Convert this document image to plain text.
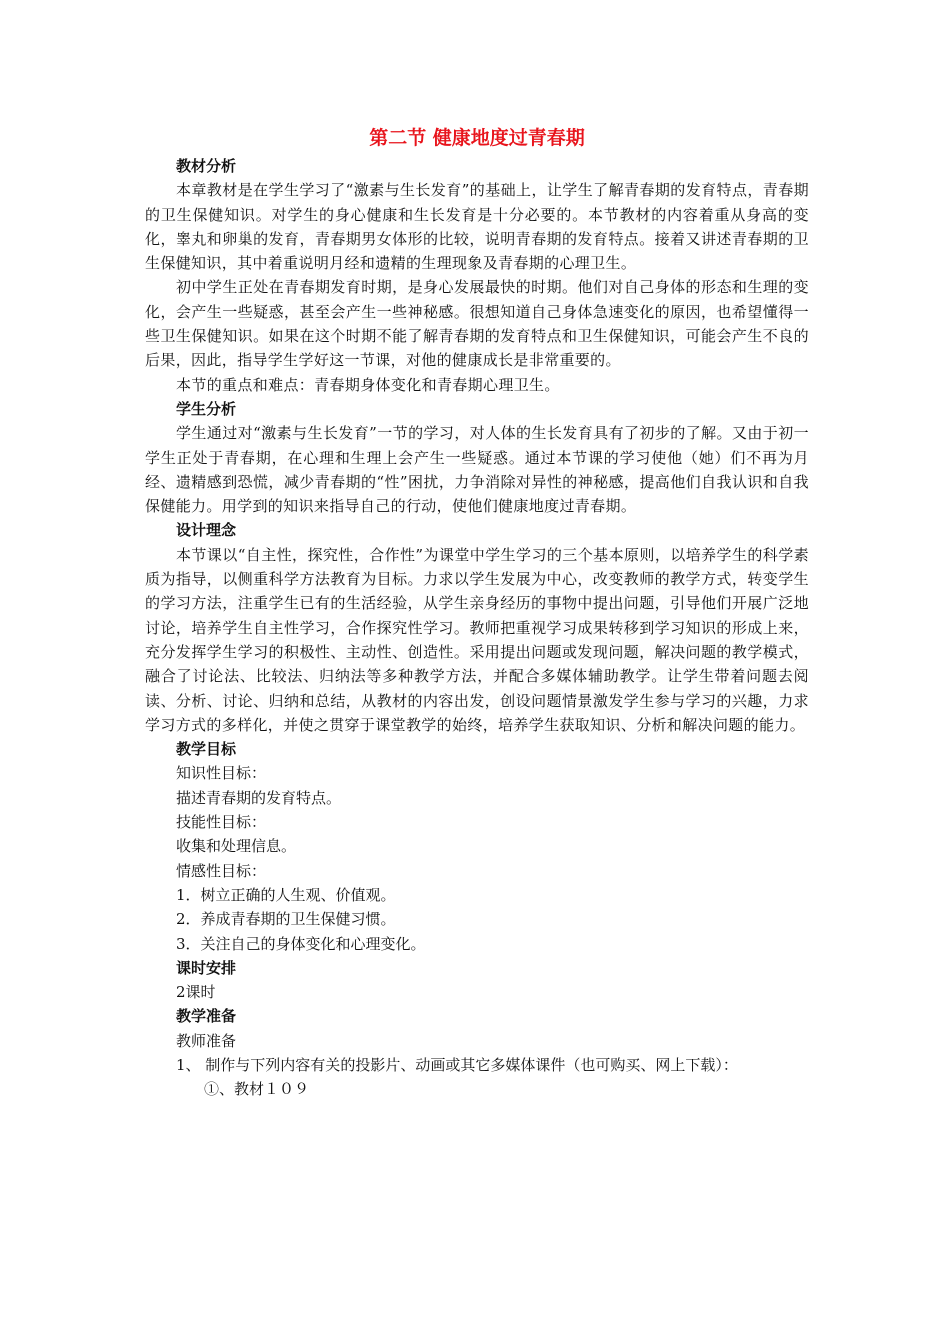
第二节 健康地度过青春期
教材分析
本章教材是在学生学习了“激素与生长发育”的基础上，让学生了解青春期的发育特点，青春期的卫生保健知识。对学生的身心健康和生长发育是十分必要的。本节教材的内容着重从身高的变化，睾丸和卵巢的发育，青春期男女体形的比较，说明青春期的发育特点。接着又讲述青春期的卫生保健知识，其中着重说明月经和遗精的生理现象及青春期的心理卫生。
初中学生正处在青春期发育时期，是身心发展最快的时期。他们对自己身体的形态和生理的变化，会产生一些疑惑，甚至会产生一些神秘感。很想知道自己身体急速变化的原因，也希望懂得一些卫生保健知识。如果在这个时期不能了解青春期的发育特点和卫生保健知识，可能会产生不良的后果，因此，指导学生学好这一节课，对他的健康成长是非常重要的。
本节的重点和难点：青春期身体变化和青春期心理卫生。
学生分析
学生通过对“激素与生长发育”一节的学习，对人体的生长发育具有了初步的了解。又由于初一学生正处于青春期，在心理和生理上会产生一些疑惑。通过本节课的学习使他（她）们不再为月经、遗精感到恐慌，减少青春期的“性”困扰，力争消除对异性的神秘感，提高他们自我认识和自我保健能力。用学到的知识来指导自己的行动，使他们健康地度过青春期。
设计理念
本节课以“自主性，探究性，合作性”为课堂中学生学习的三个基本原则，以培养学生的科学素质为指导，以侧重科学方法教育为目标。力求以学生发展为中心，改变教师的教学方式，转变学生的学习方法，注重学生已有的生活经验，从学生亲身经历的事物中提出问题，引导他们开展广泛地讨论，培养学生自主性学习，合作探究性学习。教师把重视学习成果转移到学习知识的形成上来，充分发挥学生学习的积极性、主动性、创造性。采用提出问题或发现问题，解决问题的教学模式，融合了讨论法、比较法、归纳法等多种教学方法，并配合多媒体辅助教学。让学生带着问题去阅读、分析、讨论、归纳和总结，从教材的内容出发，创设问题情景激发学生参与学习的兴趣，力求学习方式的多样化，并使之贯穿于课堂教学的始终，培养学生获取知识、分析和解决问题的能力。
教学目标
知识性目标：
描述青春期的发育特点。
技能性目标：
收集和处理信息。
情感性目标：
1．树立正确的人生观、价值观。
2．养成青春期的卫生保健习惯。
3．关注自己的身体变化和心理变化。
课时安排
2课时
教学准备
教师准备
1、 制作与下列内容有关的投影片、动画或其它多媒体课件（也可购买、网上下载）：
①、教材１０９
